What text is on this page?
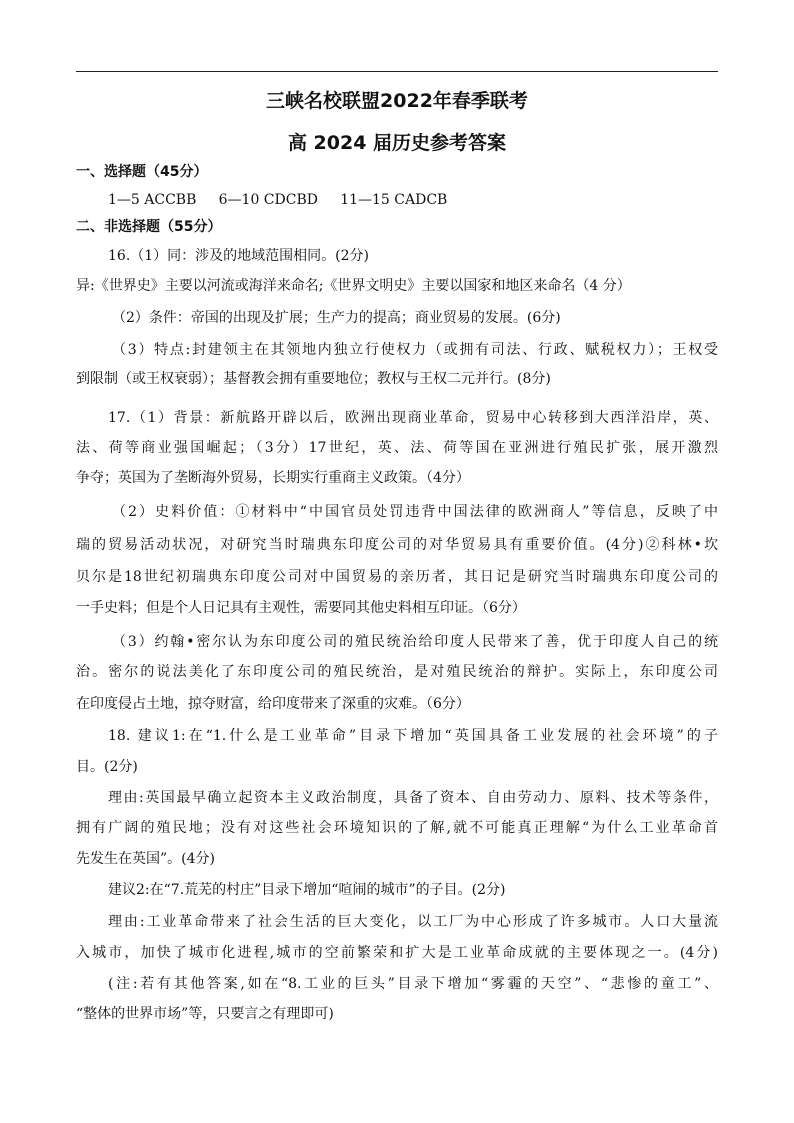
三峡名校联盟2022年春季联考
高 2024 届历史参考答案
一、选择题（45分）
1—5 ACCBB     6—10 CDCBD     11—15 CADCB
二、非选择题（55分）
16.（1）同：涉及的地域范围相同。(2分)
异:《世界史》主要以河流或海洋来命名;《世界文明史》主要以国家和地区来命名（4 分）
（2）条件：帝国的出现及扩展；生产力的提高；商业贸易的发展。(6分)
（3）特点:封建领主在其领地内独立行使权力（或拥有司法、行政、赋税权力）；王权受
到限制（或王权衰弱）；基督教会拥有重要地位；教权与王权二元并行。(8分)
17.（1）背景：新航路开辟以后，欧洲出现商业革命，贸易中心转移到大西洋沿岸，英、
法、荷等商业强国崛起；（3分）17世纪，英、法、荷等国在亚洲进行殖民扩张，展开激烈
争夺；英国为了垄断海外贸易，长期实行重商主义政策。（4分）
（2）史料价值：①材料中“中国官员处罚违背中国法律的欧洲商人”等信息，反映了中
瑞的贸易活动状况，对研究当时瑞典东印度公司的对华贸易具有重要价值。(4分)②科林•坎
贝尔是18世纪初瑞典东印度公司对中国贸易的亲历者，其日记是研究当时瑞典东印度公司的
一手史料；但是个人日记具有主观性，需要同其他史料相互印证。（6分）
（3）约翰•密尔认为东印度公司的殖民统治给印度人民带来了善，优于印度人自己的统
治。密尔的说法美化了东印度公司的殖民统治，是对殖民统治的辩护。实际上，东印度公司
在印度侵占土地，掠夺财富，给印度带来了深重的灾难。（6分）
18. 建议1:在“1.什么是工业革命”目录下增加“英国具备工业发展的社会环境”的子
目。(2分)
理由:英国最早确立起资本主义政治制度，具备了资本、自由劳动力、原料、技术等条件，
拥有广阔的殖民地；没有对这些社会环境知识的了解,就不可能真正理解“为什么工业革命首
先发生在英国”。(4分)
建议2:在“7.荒芜的村庄”目录下增加“喧闹的城市”的子目。(2分)
理由:工业革命带来了社会生活的巨大变化，以工厂为中心形成了许多城市。人口大量流
入城市，加快了城市化进程,城市的空前繁荣和扩大是工业革命成就的主要体现之一。(4分)
(注:若有其他答案,如在“8.工业的巨头”目录下增加“雾霾的天空”、“悲惨的童工”、
“整体的世界市场”等，只要言之有理即可)
